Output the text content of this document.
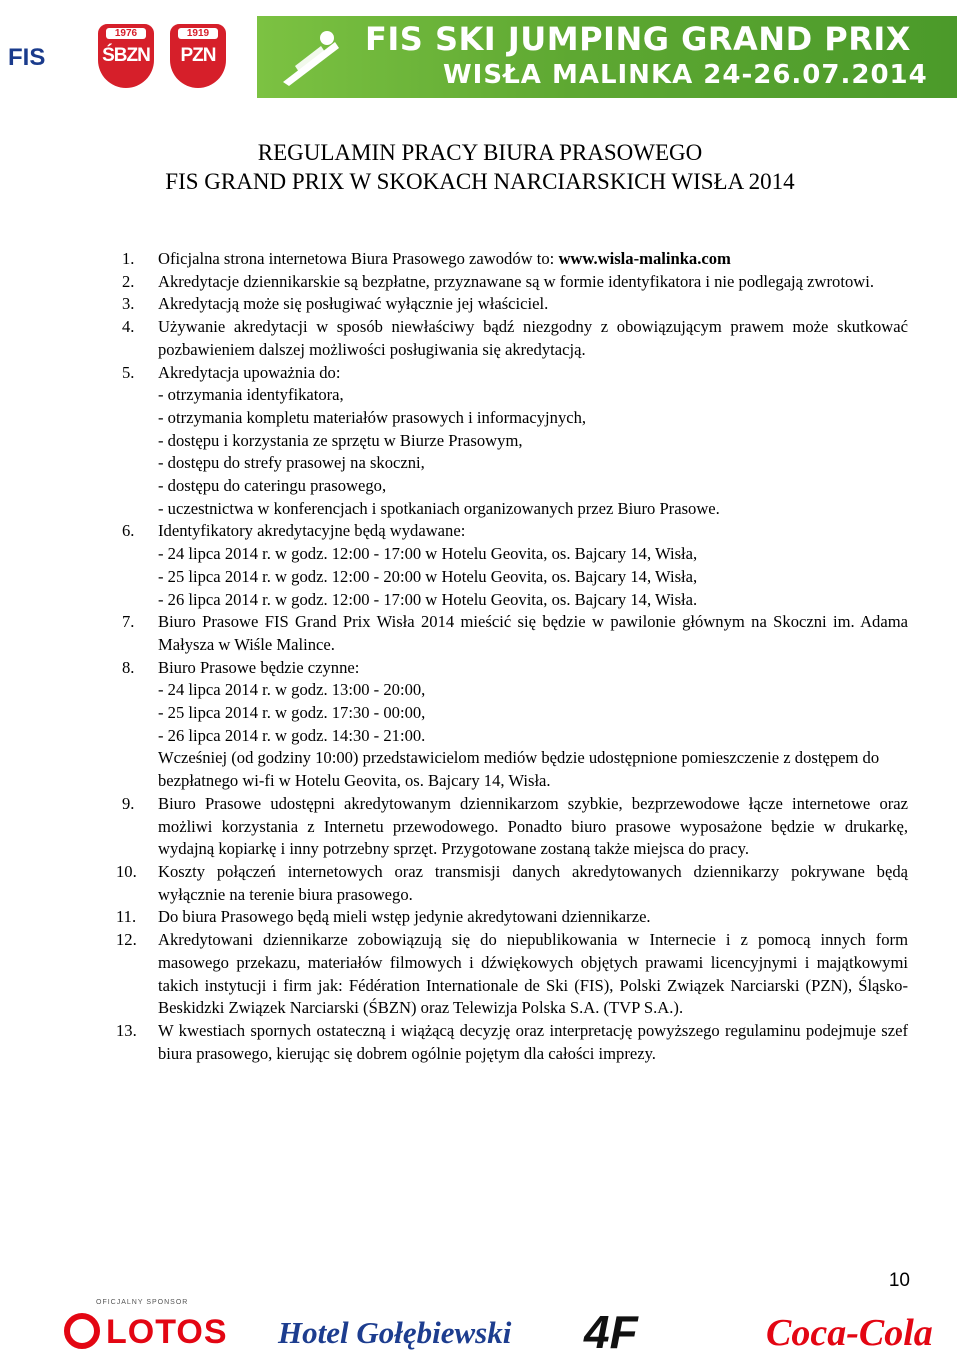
FIS
1976
ŚBZN
1919
PZN	FIS SKI JUMPING GRAND PRIX
WISŁA MALINKA 24-26.07.2014
REGULAMIN PRACY BIURA PRASOWEGO
FIS GRAND PRIX W SKOKACH NARCIARSKICH WISŁA 2014
1. Oficjalna strona internetowa Biura Prasowego zawodów to: www.wisla-malinka.com
2. Akredytacje dziennikarskie są bezpłatne, przyznawane są w formie identyfikatora i nie podlegają zwrotowi.
3. Akredytacją może się posługiwać wyłącznie jej właściciel.
4. Używanie akredytacji w sposób niewłaściwy bądź niezgodny z obowiązującym prawem może skutkować pozbawieniem dalszej możliwości posługiwania się akredytacją.
5. Akredytacja upoważnia do:
- otrzymania identyfikatora,
- otrzymania kompletu materiałów prasowych i informacyjnych,
- dostępu i korzystania ze sprzętu w Biurze Prasowym,
- dostępu do strefy prasowej na skoczni,
- dostępu do cateringu prasowego,
- uczestnictwa w konferencjach i spotkaniach organizowanych przez Biuro Prasowe.
6. Identyfikatory akredytacyjne będą wydawane:
- 24 lipca 2014 r. w godz. 12:00 - 17:00 w Hotelu Geovita, os. Bajcary 14, Wisła,
- 25 lipca 2014 r. w godz. 12:00 - 20:00 w Hotelu Geovita, os. Bajcary 14, Wisła,
- 26 lipca 2014 r. w godz. 12:00 - 17:00 w Hotelu Geovita, os. Bajcary 14, Wisła.
7. Biuro Prasowe FIS Grand Prix Wisła 2014 mieścić się będzie w pawilonie głównym na Skoczni im. Adama Małysza w Wiśle Malince.
8. Biuro Prasowe będzie czynne:
- 24 lipca 2014 r. w godz. 13:00 - 20:00,
- 25 lipca 2014 r. w godz. 17:30 - 00:00,
- 26 lipca 2014 r. w godz. 14:30 - 21:00.
Wcześniej (od godziny 10:00) przedstawicielom mediów będzie udostępnione pomieszczenie z dostępem do bezpłatnego wi-fi w Hotelu Geovita, os. Bajcary 14, Wisła.
9. Biuro Prasowe udostępni akredytowanym dziennikarzom szybkie, bezprzewodowe łącze internetowe oraz możliwi korzystania z Internetu przewodowego. Ponadto biuro prasowe wyposażone będzie w drukarkę, wydajną kopiarkę i inny potrzebny sprzęt. Przygotowane zostaną także miejsca do pracy.
10. Koszty połączeń internetowych oraz transmisji danych akredytowanych dziennikarzy pokrywane będą wyłącznie na terenie biura prasowego.
11. Do biura Prasowego będą mieli wstęp jedynie akredytowani dziennikarze.
12. Akredytowani dziennikarze zobowiązują się do niepublikowania w Internecie i z pomocą innych form masowego przekazu, materiałów filmowych i dźwiękowych objętych prawami licencyjnymi i majątkowymi takich instytucji i firm jak: Fédération Internationale de Ski (FIS), Polski Związek Narciarski (PZN), Śląsko-Beskidzki Związek Narciarski (ŚBZN) oraz Telewizja Polska S.A. (TVP S.A.).
13. W kwestiach spornych ostateczną i wiążącą decyzję oraz interpretację powyższego regulaminu podejmuje szef biura prasowego, kierując się dobrem ogólnie pojętym dla całości imprezy.
10
OFICJALNY SPONSOR
LOTOS Hotel Gołębiewski 4F	Coca-Cola
